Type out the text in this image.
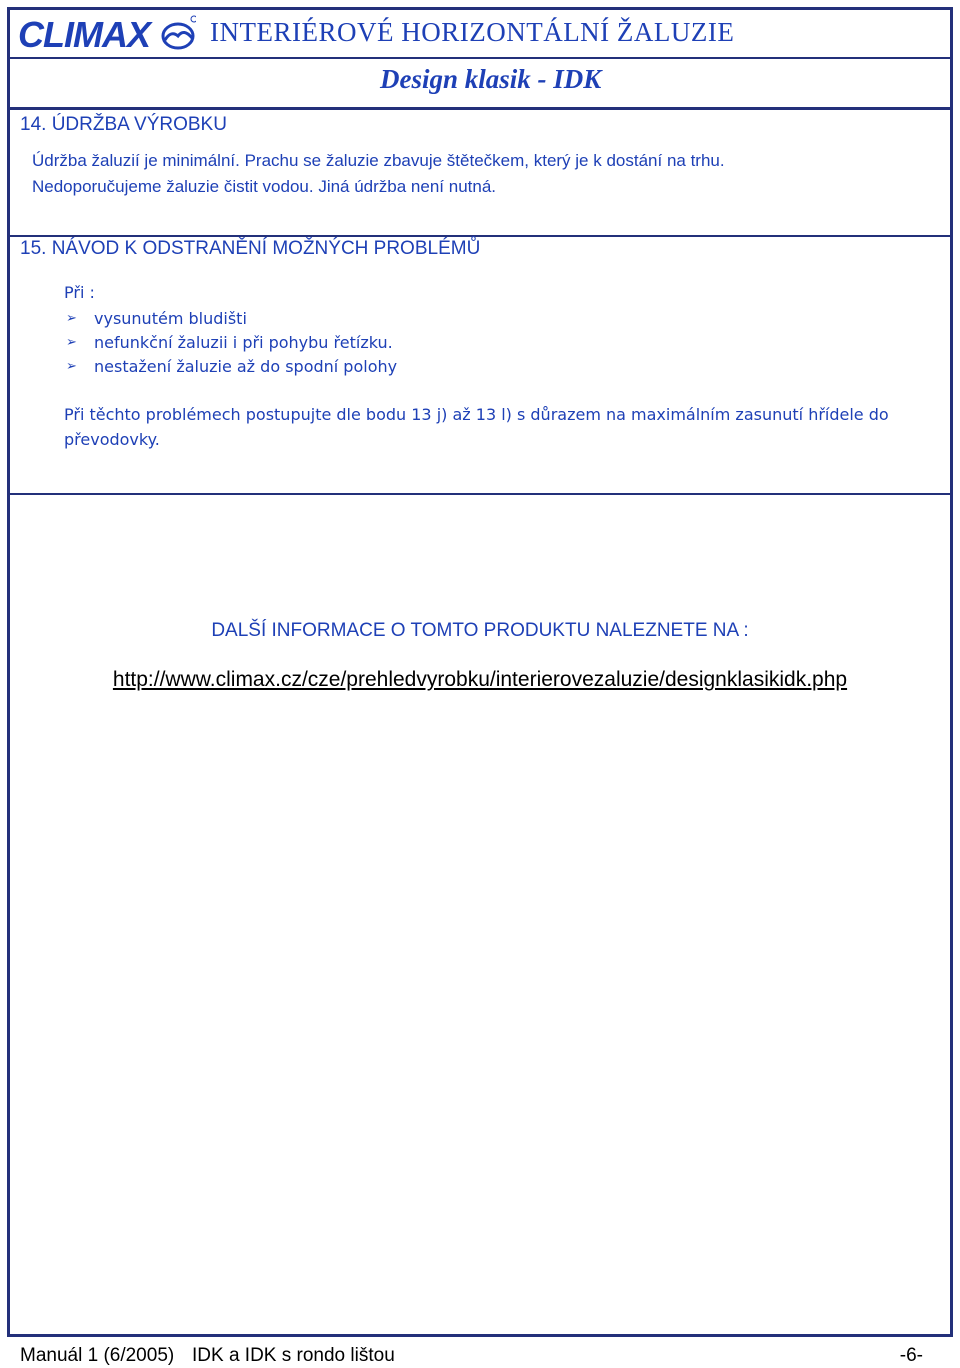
CLIMAX INTERIÉROVÉ HORIZONTÁLNÍ ŽALUZIE
Design klasik - IDK
14. ÚDRŽBA VÝROBKU

Údržba žaluzií je minimální. Prachu se žaluzie zbavuje štětečkem, který je k dostání na trhu.

Nedoporučujeme žaluzie čistit vodou. Jiná údržba není nutná.

15. NÁVOD K ODSTRANĚNÍ MOŽNÝCH PROBLÉMŮ

Při :

➢ vysunutém bludišti
➢ nefunkční žaluzii i při pohybu řetízku.
➢ nestažení žaluzie až do spodní polohy

Při těchto problémech postupujte dle bodu 13 j) až 13 l) s důrazem na maximálním zasunutí hřídele do převodovky.

DALŠÍ INFORMACE O TOMTO PRODUKTU NALEZNETE NA :
http://www.climax.cz/cze/prehledvyrobku/interierovezaluzie/designklasikidk.php
Manuál 1 (6/2005) IDK a IDK s rondo lištou	-6-
